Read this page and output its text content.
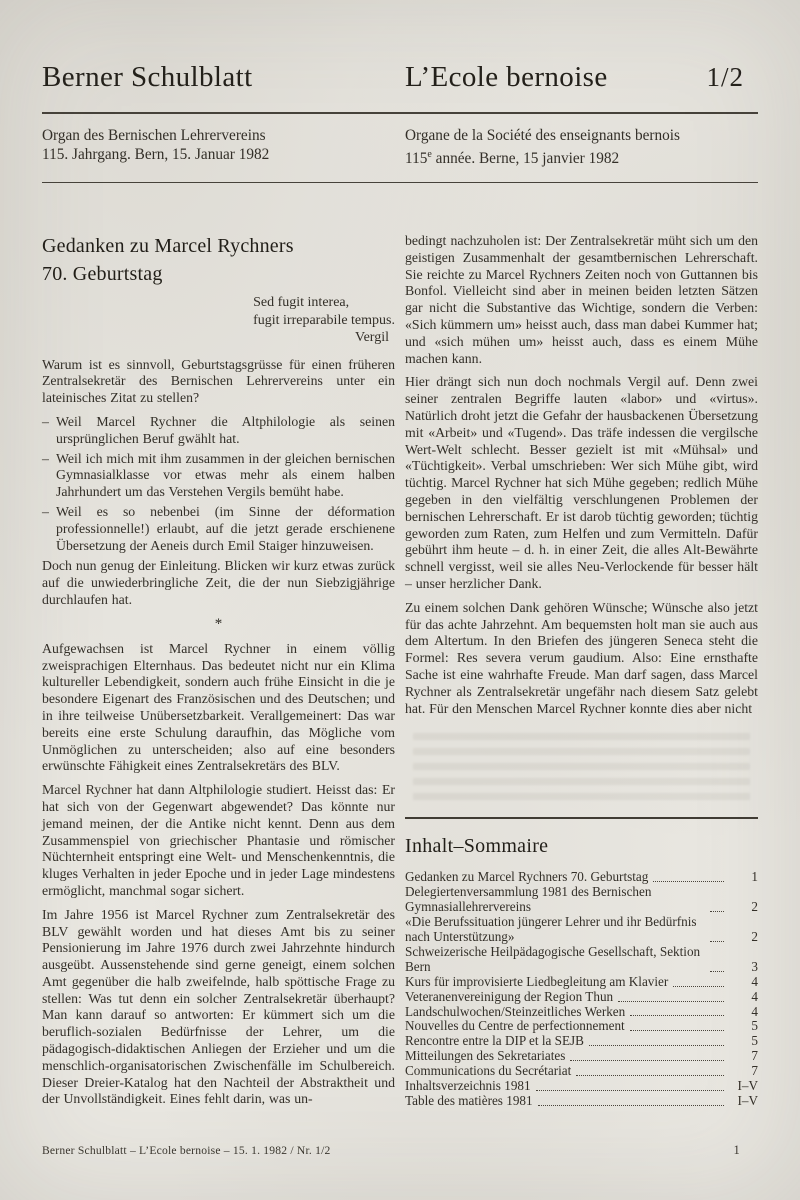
Berner Schulblatt	L’Ecole bernoise	1/2
Organ des Bernischen Lehrervereins
115. Jahrgang. Bern, 15. Januar 1982
Organe de la Société des enseignants bernois
115e année. Berne, 15 janvier 1982
Gedanken zu Marcel Rychners
70. Geburtstag
Sed fugit interea,
fugit irreparabile tempus.
Vergil

Warum ist es sinnvoll, Geburtstagsgrüsse für einen früheren Zentralsekretär des Bernischen Lehrervereins unter ein lateinisches Zitat zu stellen?

– Weil Marcel Rychner die Altphilologie als seinen ursprünglichen Beruf gwählt hat.

– Weil ich mich mit ihm zusammen in der gleichen bernischen Gymnasialklasse vor etwas mehr als einem halben Jahrhundert um das Verstehen Vergils bemüht habe.

– Weil es so nebenbei (im Sinne der déformation professionnelle!) erlaubt, auf die jetzt gerade erschienene Übersetzung der Aeneis durch Emil Staiger hinzuweisen.

Doch nun genug der Einleitung. Blicken wir kurz etwas zurück auf die unwiederbringliche Zeit, die der nun Siebzigjährige durchlaufen hat.

*

Aufgewachsen ist Marcel Rychner in einem völlig zweisprachigen Elternhaus. Das bedeutet nicht nur ein Klima kultureller Lebendigkeit, sondern auch frühe Einsicht in die je besondere Eigenart des Französischen und des Deutschen; und in ihre teilweise Unübersetzbarkeit. Verallgemeinert: Das war bereits eine erste Schulung daraufhin, das Mögliche vom Unmöglichen zu unterscheiden; also auf eine besonders erwünschte Fähigkeit eines Zentralsekretärs des BLV.

Marcel Rychner hat dann Altphilologie studiert. Heisst das: Er hat sich von der Gegenwart abgewendet? Das könnte nur jemand meinen, der die Antike nicht kennt. Denn aus dem Zusammenspiel von griechischer Phantasie und römischer Nüchternheit entspringt eine Welt- und Menschenkenntnis, die kluges Verhalten in jeder Epoche und in jeder Lage mindestens ermöglicht, manchmal sogar sichert.

Im Jahre 1956 ist Marcel Rychner zum Zentralsekretär des BLV gewählt worden und hat dieses Amt bis zu seiner Pensionierung im Jahre 1976 durch zwei Jahrzehnte hindurch ausgeübt. Aussenstehende sind gerne geneigt, einem solchen Amt gegenüber die halb zweifelnde, halb spöttische Frage zu stellen: Was tut denn ein solcher Zentralsekretär überhaupt? Man kann darauf so antworten: Er kümmert sich um die beruflich-sozialen Bedürfnisse der Lehrer, um die pädagogisch-didaktischen Anliegen der Erzieher und um die menschlich-organisatorischen Zwischenfälle im Schulbereich. Dieser Dreier-Katalog hat den Nachteil der Abstraktheit und der Unvollständigkeit. Eines fehlt darin, was un-

bedingt nachzuholen ist: Der Zentralsekretär müht sich um den geistigen Zusammenhalt der gesamtbernischen Lehrerschaft. Sie reichte zu Marcel Rychners Zeiten noch von Guttannen bis Bonfol. Vielleicht sind aber in meinen beiden letzten Sätzen gar nicht die Substantive das Wichtige, sondern die Verben: «Sich kümmern um» heisst auch, dass man dabei Kummer hat; und «sich mühen um» heisst auch, dass es einem Mühe machen kann.

Hier drängt sich nun doch nochmals Vergil auf. Denn zwei seiner zentralen Begriffe lauten «labor» und «virtus». Natürlich droht jetzt die Gefahr der hausbackenen Übersetzung mit «Arbeit» und «Tugend». Das träfe indessen die vergilsche Wert-Welt schlecht. Besser gezielt ist mit «Mühsal» und «Tüchtigkeit». Verbal umschrieben: Wer sich Mühe gibt, wird tüchtig. Marcel Rychner hat sich Mühe gegeben; redlich Mühe gegeben in den vielfältig verschlungenen Problemen der bernischen Lehrerschaft. Er ist darob tüchtig geworden; tüchtig geworden zum Raten, zum Helfen und zum Vermitteln. Dafür gebührt ihm heute – d. h. in einer Zeit, die alles Alt-Bewährte schnell vergisst, weil sie alles Neu-Verlockende für besser hält – unser herzlicher Dank.

Zu einem solchen Dank gehören Wünsche; Wünsche also jetzt für das achte Jahrzehnt. Am bequemsten holt man sie auch aus dem Altertum. In den Briefen des jüngeren Seneca steht die Formel: Res severa verum gaudium. Also: Eine ernsthafte Sache ist eine wahrhafte Freude. Man darf sagen, dass Marcel Rychner als Zentralsekretär ungefähr nach diesem Satz gelebt hat. Für den Menschen Marcel Rychner konnte dies aber nicht

Inhalt–Sommaire
Gedanken zu Marcel Rychners 70. Geburtstag	1
Delegiertenversammlung 1981 des Bernischen Gymnasiallehrervereins	2
«Die Berufssituation jüngerer Lehrer und ihr Bedürfnis nach Unterstützung»	2
Schweizerische Heilpädagogische Gesellschaft, Sektion Bern	3
Kurs für improvisierte Liedbegleitung am Klavier	4
Veteranenvereinigung der Region Thun	4
Landschulwochen/Steinzeitliches Werken	4
Nouvelles du Centre de perfectionnement	5
Rencontre entre la DIP et la SEJB	5
Mitteilungen des Sekretariates	7
Communications du Secrétariat	7
Inhaltsverzeichnis 1981	I–V
Table des matières 1981	I–V
Berner Schulblatt – L’Ecole bernoise – 15. 1. 1982 / Nr. 1/2	1
